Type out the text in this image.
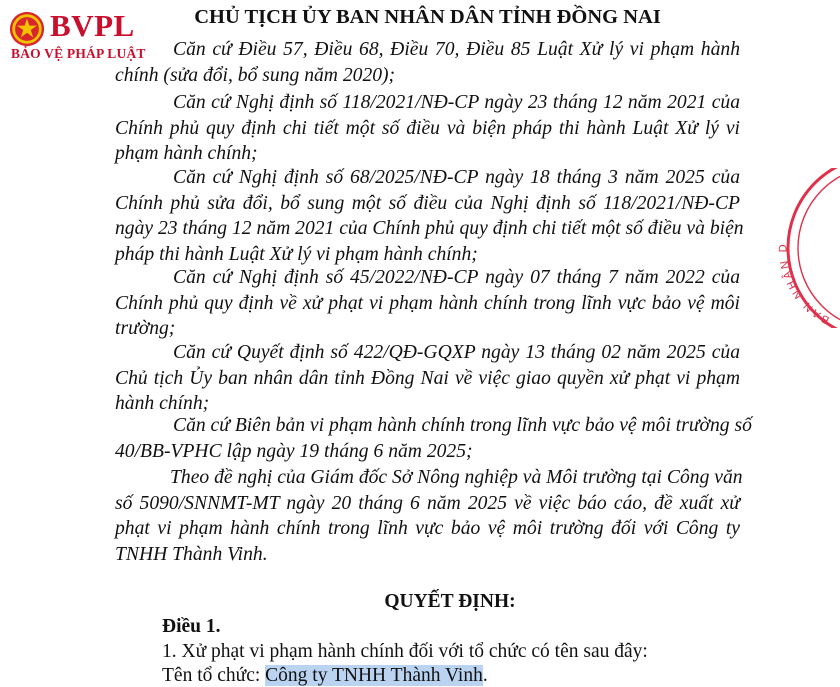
BVPL
BẢO VỆ PHÁP LUẬT
CHỦ TỊCH ỦY BAN NHÂN DÂN TỈNH ĐỒNG NAI
Căn cứ Điều 57, Điều 68, Điều 70, Điều 85 Luật Xử lý vi phạm hành
chính (sửa đổi, bổ sung năm 2020);
Căn cứ Nghị định số 118/2021/NĐ-CP ngày 23 tháng 12 năm 2021 của
Chính phủ quy định chi tiết một số điều và biện pháp thi hành Luật Xử lý vi
phạm hành chính;
Căn cứ Nghị định số 68/2025/NĐ-CP ngày 18 tháng 3 năm 2025 của
Chính phủ sửa đổi, bổ sung một số điều của Nghị định số 118/2021/NĐ-CP
ngày 23 tháng 12 năm 2021 của Chính phủ quy định chi tiết một số điều và biện
pháp thi hành Luật Xử lý vi phạm hành chính;
Căn cứ Nghị định số 45/2022/NĐ-CP ngày 07 tháng 7 năm 2022 của
Chính phủ quy định về xử phạt vi phạm hành chính trong lĩnh vực bảo vệ môi
trường;
Căn cứ Quyết định số 422/QĐ-GQXP ngày 13 tháng 02 năm 2025 của
Chủ tịch Ủy ban nhân dân tỉnh Đồng Nai về việc giao quyền xử phạt vi phạm
hành chính;
Căn cứ Biên bản vi phạm hành chính trong lĩnh vực bảo vệ môi trường số
40/BB-VPHC lập ngày 19 tháng 6 năm 2025;
Theo đề nghị của Giám đốc Sở Nông nghiệp và Môi trường tại Công văn
số 5090/SNNMT-MT ngày 20 tháng 6 năm 2025 về việc báo cáo, đề xuất xử
phạt vi phạm hành chính trong lĩnh vực bảo vệ môi trường đối với Công ty
TNHH Thành Vinh.
QUYẾT ĐỊNH:
Điều 1.
1. Xử phạt vi phạm hành chính đối với tổ chức có tên sau đây:
Tên tổ chức: Công ty TNHH Thành Vinh.
BAN NHÂN D
